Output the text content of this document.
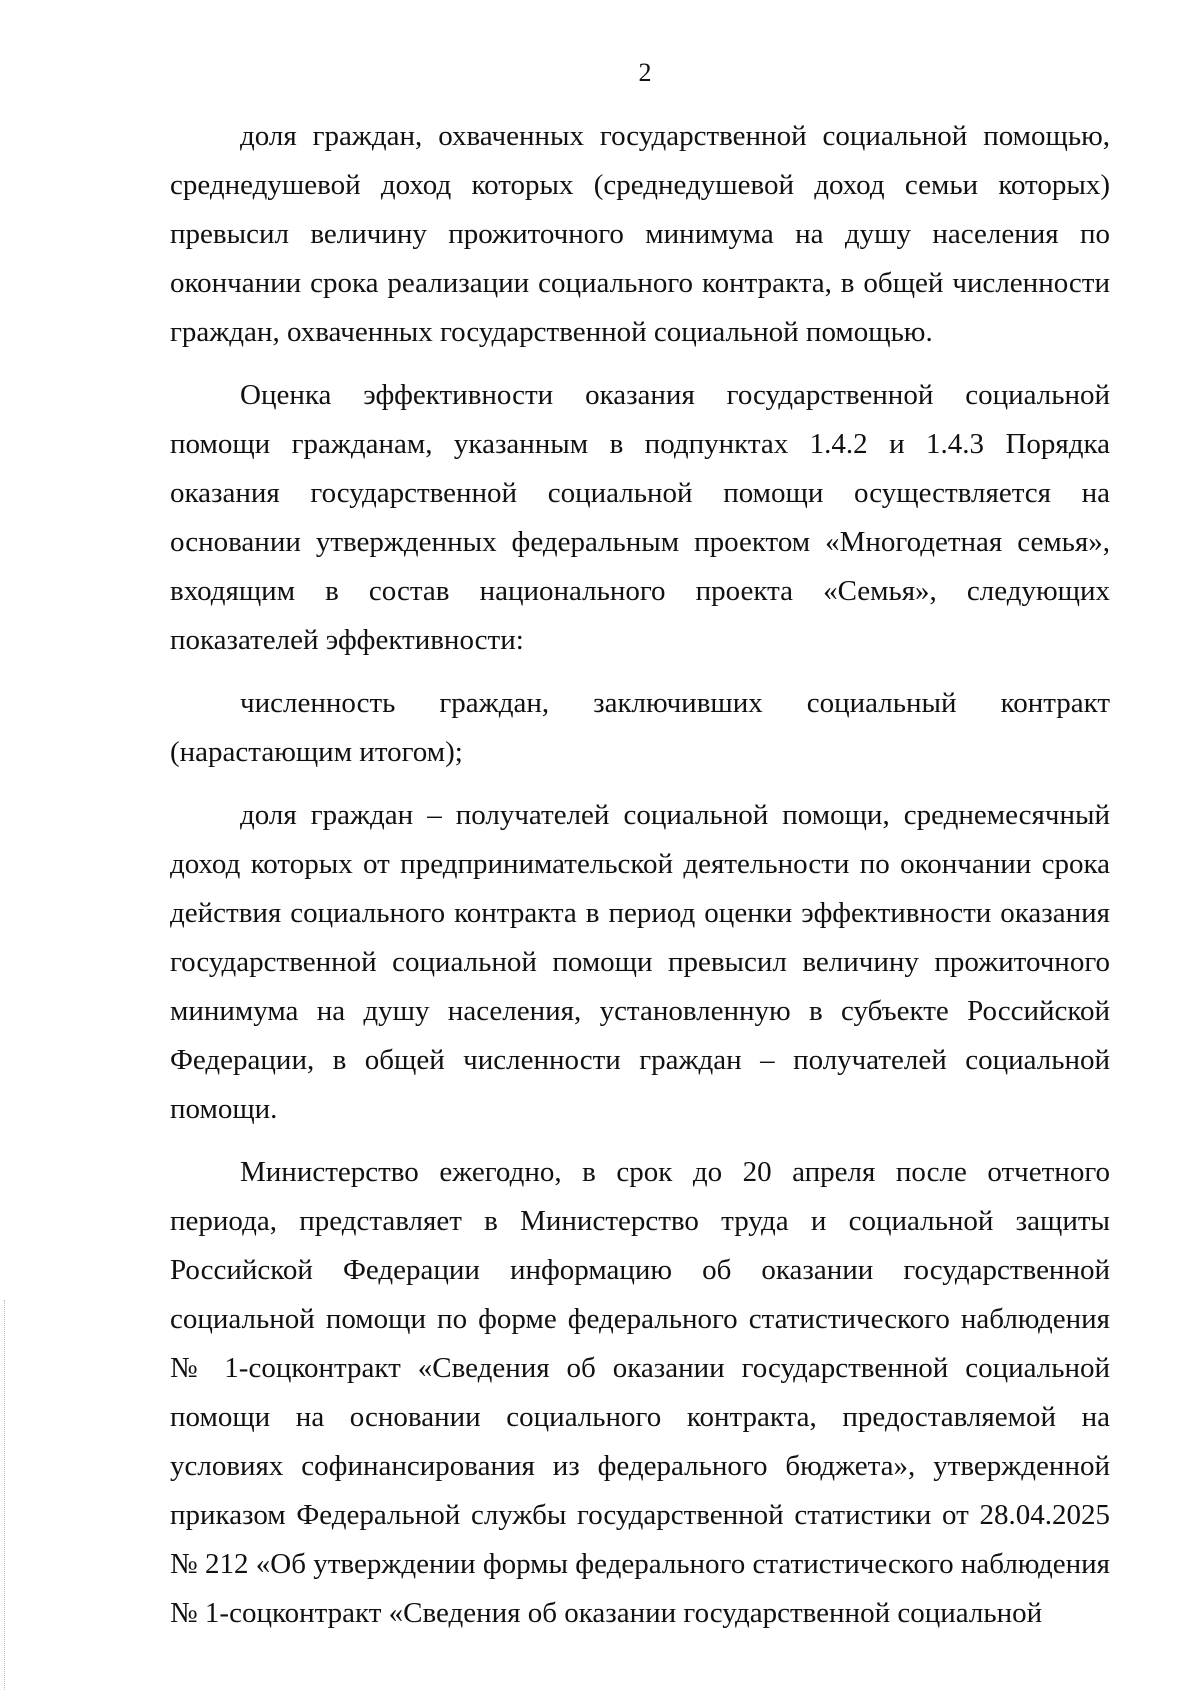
2

доля граждан, охваченных государственной социальной помощью, среднедушевой доход которых (среднедушевой доход семьи которых) превысил величину прожиточного минимума на душу населения по окончании срока реализации социального контракта, в общей численности граждан, охваченных государственной социальной помощью.

Оценка эффективности оказания государственной социальной помощи гражданам, указанным в подпунктах 1.4.2 и 1.4.3 Порядка оказания государственной социальной помощи осуществляется на основании утвержденных федеральным проектом «Многодетная семья», входящим в состав национального проекта «Семья», следующих показателей эффективности:

численность граждан, заключивших социальный контракт (нарастающим итогом);

доля граждан – получателей социальной помощи, среднемесячный доход которых от предпринимательской деятельности по окончании срока действия социального контракта в период оценки эффективности оказания государственной социальной помощи превысил величину прожиточного минимума на душу населения, установленную в субъекте Российской Федерации, в общей численности граждан – получателей социальной помощи.

Министерство ежегодно, в срок до 20 апреля после отчетного периода, представляет в Министерство труда и социальной защиты Российской Федерации информацию об оказании государственной социальной помощи по форме федерального статистического наблюдения № 1-соцконтракт «Сведения об оказании государственной социальной помощи на основании социального контракта, предоставляемой на условиях софинансирования из федерального бюджета», утвержденной приказом Федеральной службы государственной статистики от 28.04.2025 № 212 «Об утверждении формы федерального статистического наблюдения № 1-соцконтракт «Сведения об оказании государственной социальной
